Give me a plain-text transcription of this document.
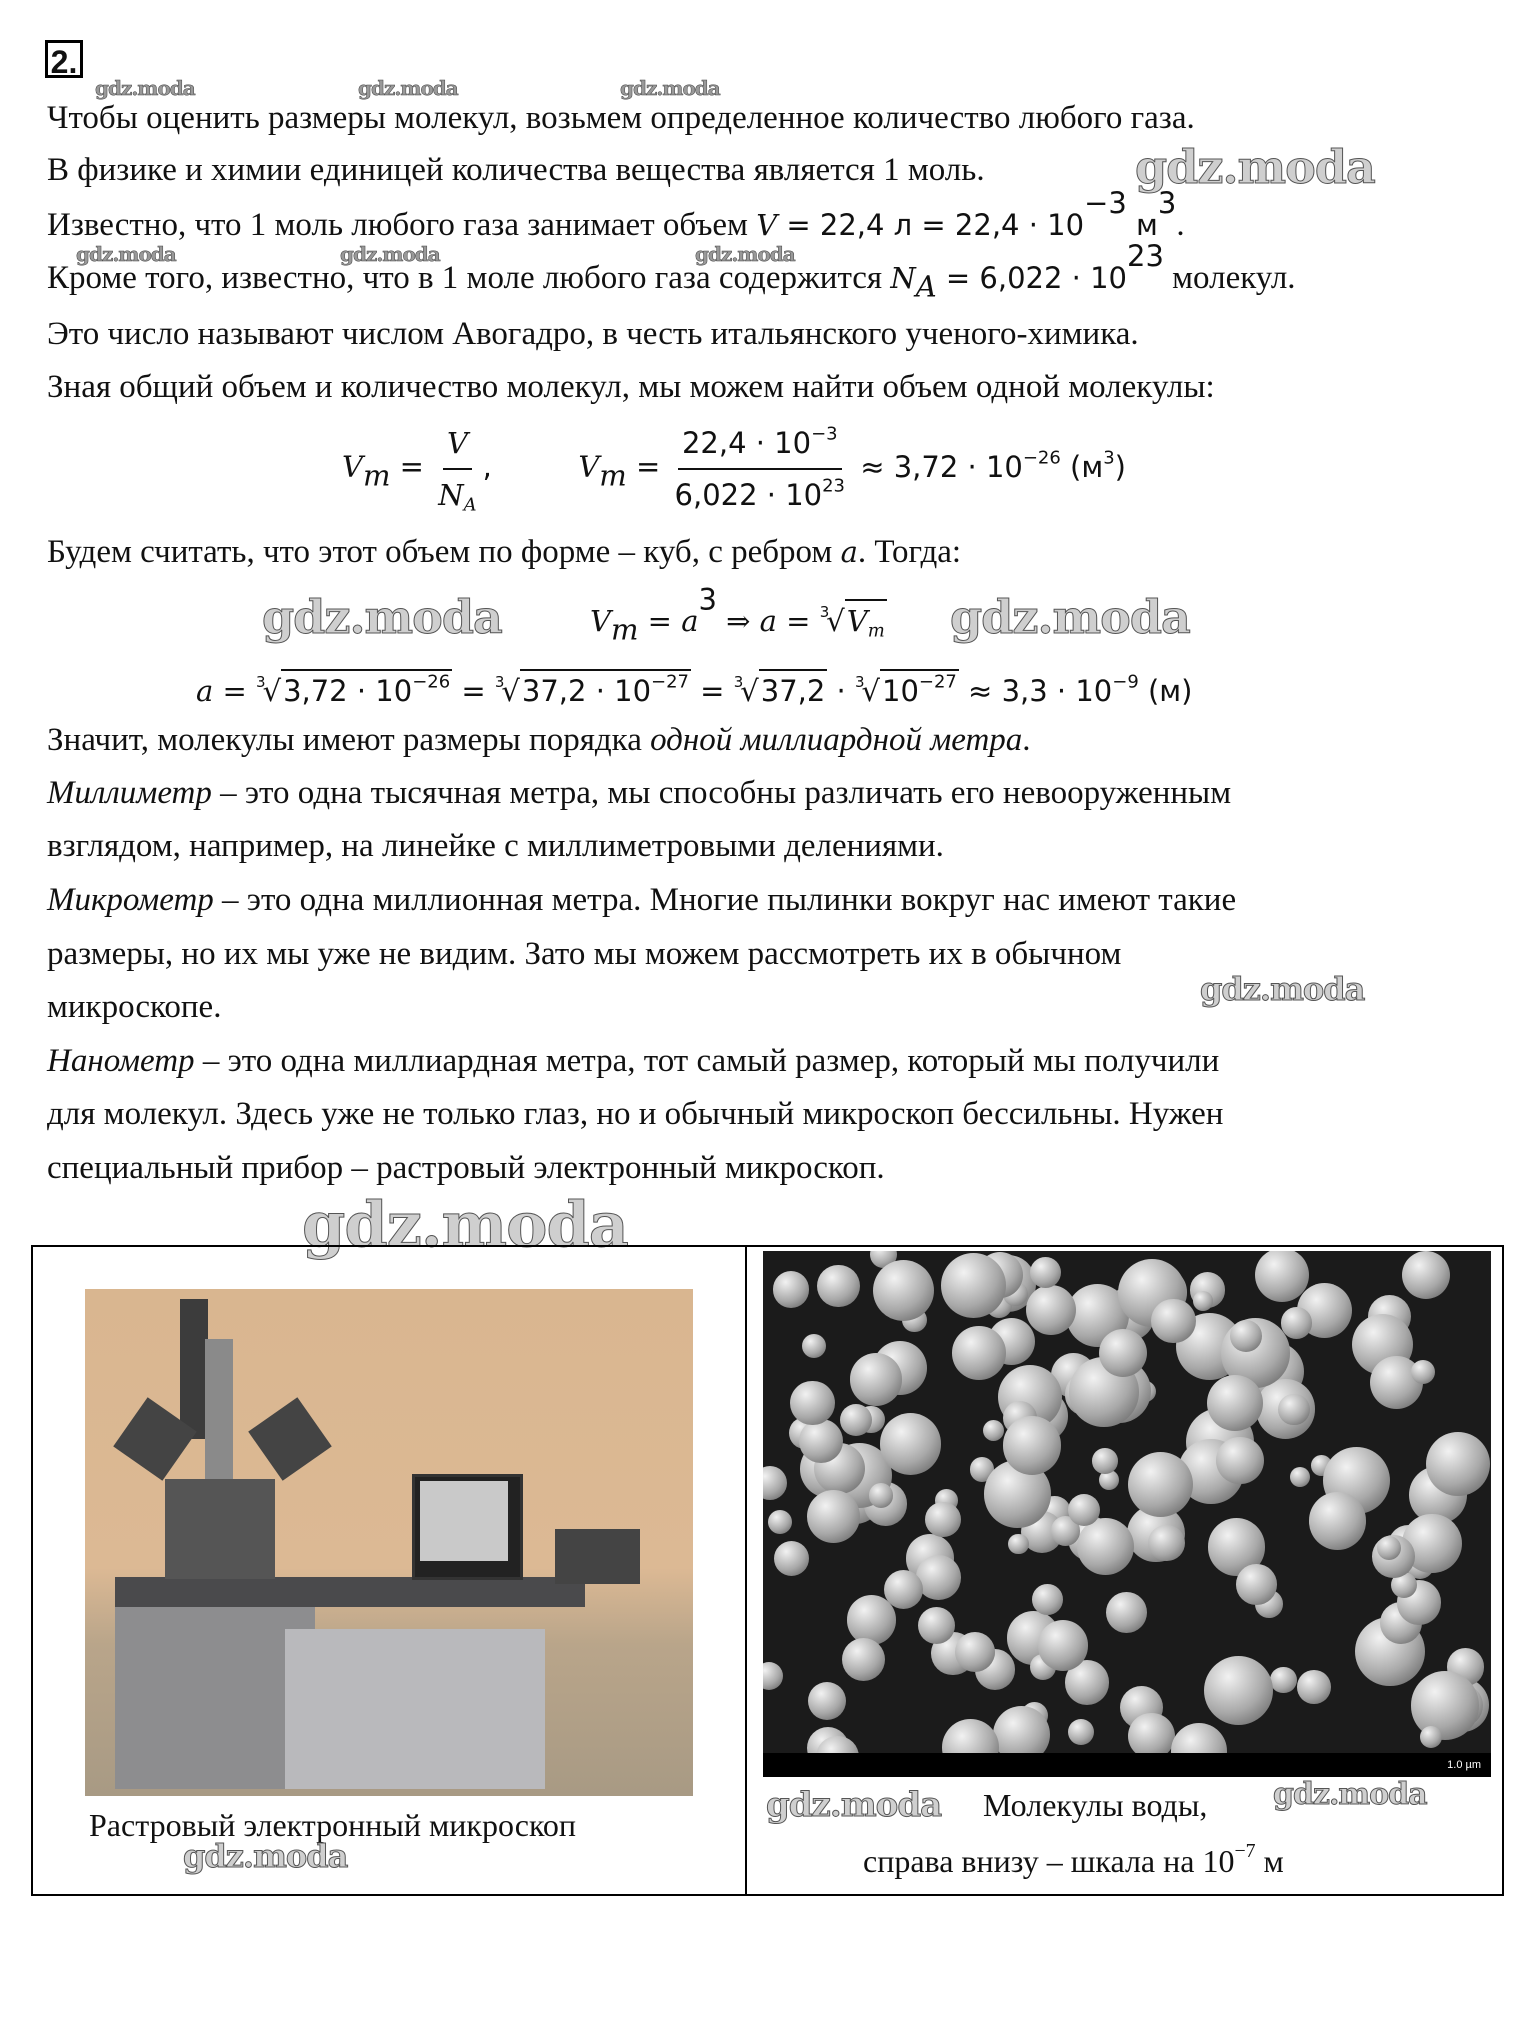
2.
gdz.moda	gdz.moda	gdz.moda
gdz.moda
gdz.moda	gdz.moda	gdz.moda
gdz.moda	gdz.moda
gdz.moda
gdz.moda
Чтобы оценить размеры молекул, возьмем определенное количество любого газа.
В физике и химии единицей количества вещества является 1 моль.
Известно, что 1 моль любого газа занимает объем V = 22,4 $л = 22,4 \cdot 10^{-3}$ $м^3$.
Кроме того, известно, что в 1 моле любого газа содержится $N_A = 6,022 \cdot 10^{23}$ молекул.
Это число называют числом Авогадро, в честь итальянского ученого-химика.
Зная общий объем и количество молекул, мы можем найти объем одной молекулы:
$V_m = \frac{V}{N_A}$ ,	$V_m = \frac{22,4 \cdot 10^{-3}}{6,022 \cdot 10^{23}} \approx 3,72 \cdot 10^{-26}$ $(м^3)$
Будем считать, что этот объем по форме – куб, с ребром a. Тогда:
$V_m = a^3$ ⇒ $a = ^3√V_m$
$a = ^3√3,72 \cdot 10^{-26} = ^3√37,2 \cdot 10^{-27} = ^3√37,2 \cdot ^3√10^{-27} \approx 3,3 \cdot 10^{-9}$ (м)
Значит, молекулы имеют размеры порядка одной миллиардной метра.
Миллиметр – это одна тысячная метра, мы способны различать его невооруженным
взглядом, например, на линейке с миллиметровыми делениями.
Микрометр – это одна миллионная метра. Многие пылинки вокруг нас имеют такие
размеры, но их мы уже не видим. Зато мы можем рассмотреть их в обычном
микроскопе.
Нанометр – это одна миллиардная метра, тот самый размер, который мы получили
для молекул. Здесь уже не только глаз, но и обычный микроскоп бессильны. Нужен
специальный прибор – растровый электронный микроскоп.
Растровый электронный микроскоп
gdz.moda
1.0 µm
gdz.moda Молекулы воды, gdz.moda
справа внизу – шкала на $10^{-7}$ м
